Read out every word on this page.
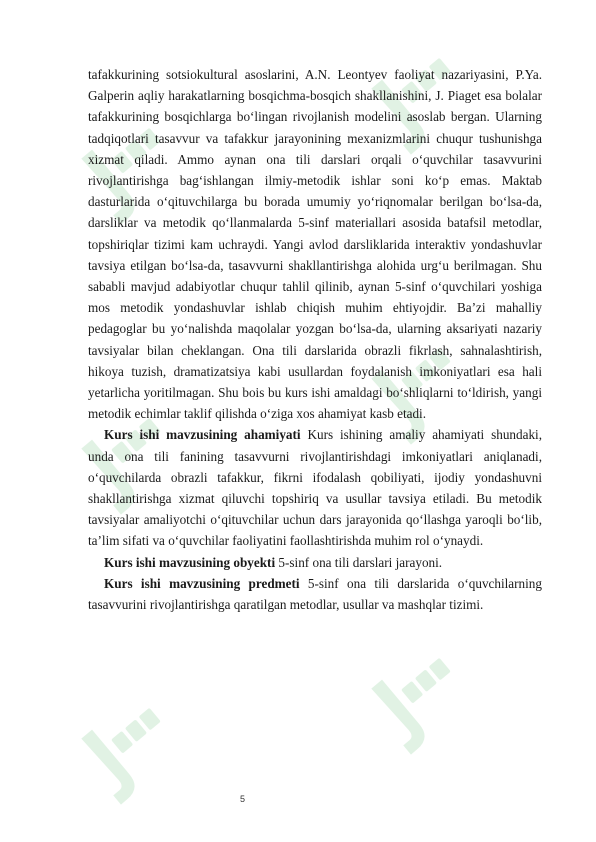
tafakkurining sotsiokultural asoslarini, A.N. Leontyev faoliyat nazariyasini, P.Ya. Galperin aqliy harakatlarning bosqichma-bosqich shakllanishini, J. Piaget esa bolalar tafakkurining bosqichlarga bo‘lingan rivojlanish modelini asoslab bergan. Ularning tadqiqotlari tasavvur va tafakkur jarayonining mexanizmlarini chuqur tushunishga xizmat qiladi. Ammo aynan ona tili darslari orqali o‘quvchilar tasavvurini rivojlantirishga bag‘ishlangan ilmiy-metodik ishlar soni ko‘p emas. Maktab dasturlarida o‘qituvchilarga bu borada umumiy yo‘riqnomalar berilgan bo‘lsa-da, darsliklar va metodik qo‘llanmalarda 5-sinf materiallari asosida batafsil metodlar, topshiriqlar tizimi kam uchraydi. Yangi avlod darsliklarida interaktiv yondashuvlar tavsiya etilgan bo‘lsa-da, tasavvurni shakllantirishga alohida urg‘u berilmagan. Shu sababli mavjud adabiyotlar chuqur tahlil qilinib, aynan 5-sinf o‘quvchilari yoshiga mos metodik yondashuvlar ishlab chiqish muhim ehtiyojdir. Ba’zi mahalliy pedagoglar bu yo‘nalishda maqolalar yozgan bo‘lsa-da, ularning aksariyati nazariy tavsiyalar bilan cheklangan. Ona tili darslarida obrazli fikrlash, sahnalashtirish, hikoya tuzish, dramatizatsiya kabi usullardan foydalanish imkoniyatlari esa hali yetarlicha yoritilmagan. Shu bois bu kurs ishi amaldagi bo‘shliqlarni to‘ldirish, yangi metodik echimlar taklif qilishda o‘ziga xos ahamiyat kasb etadi.

Kurs ishi mavzusining ahamiyati Kurs ishining amaliy ahamiyati shundaki, unda ona tili fanining tasavvurni rivojlantirishdagi imkoniyatlari aniqlanadi, o‘quvchilarda obrazli tafakkur, fikrni ifodalash qobiliyati, ijodiy yondashuvni shakllantirishga xizmat qiluvchi topshiriq va usullar tavsiya etiladi. Bu metodik tavsiyalar amaliyotchi o‘qituvchilar uchun dars jarayonida qo‘llashga yaroqli bo‘lib, ta’lim sifati va o‘quvchilar faoliyatini faollashtirishda muhim rol o‘ynaydi.

Kurs ishi mavzusining obyekti 5-sinf ona tili darslari jarayoni.

Kurs ishi mavzusining predmeti 5-sinf ona tili darslarida o‘quvchilarning tasavvurini rivojlantirishga qaratilgan metodlar, usullar va mashqlar tizimi.

5
